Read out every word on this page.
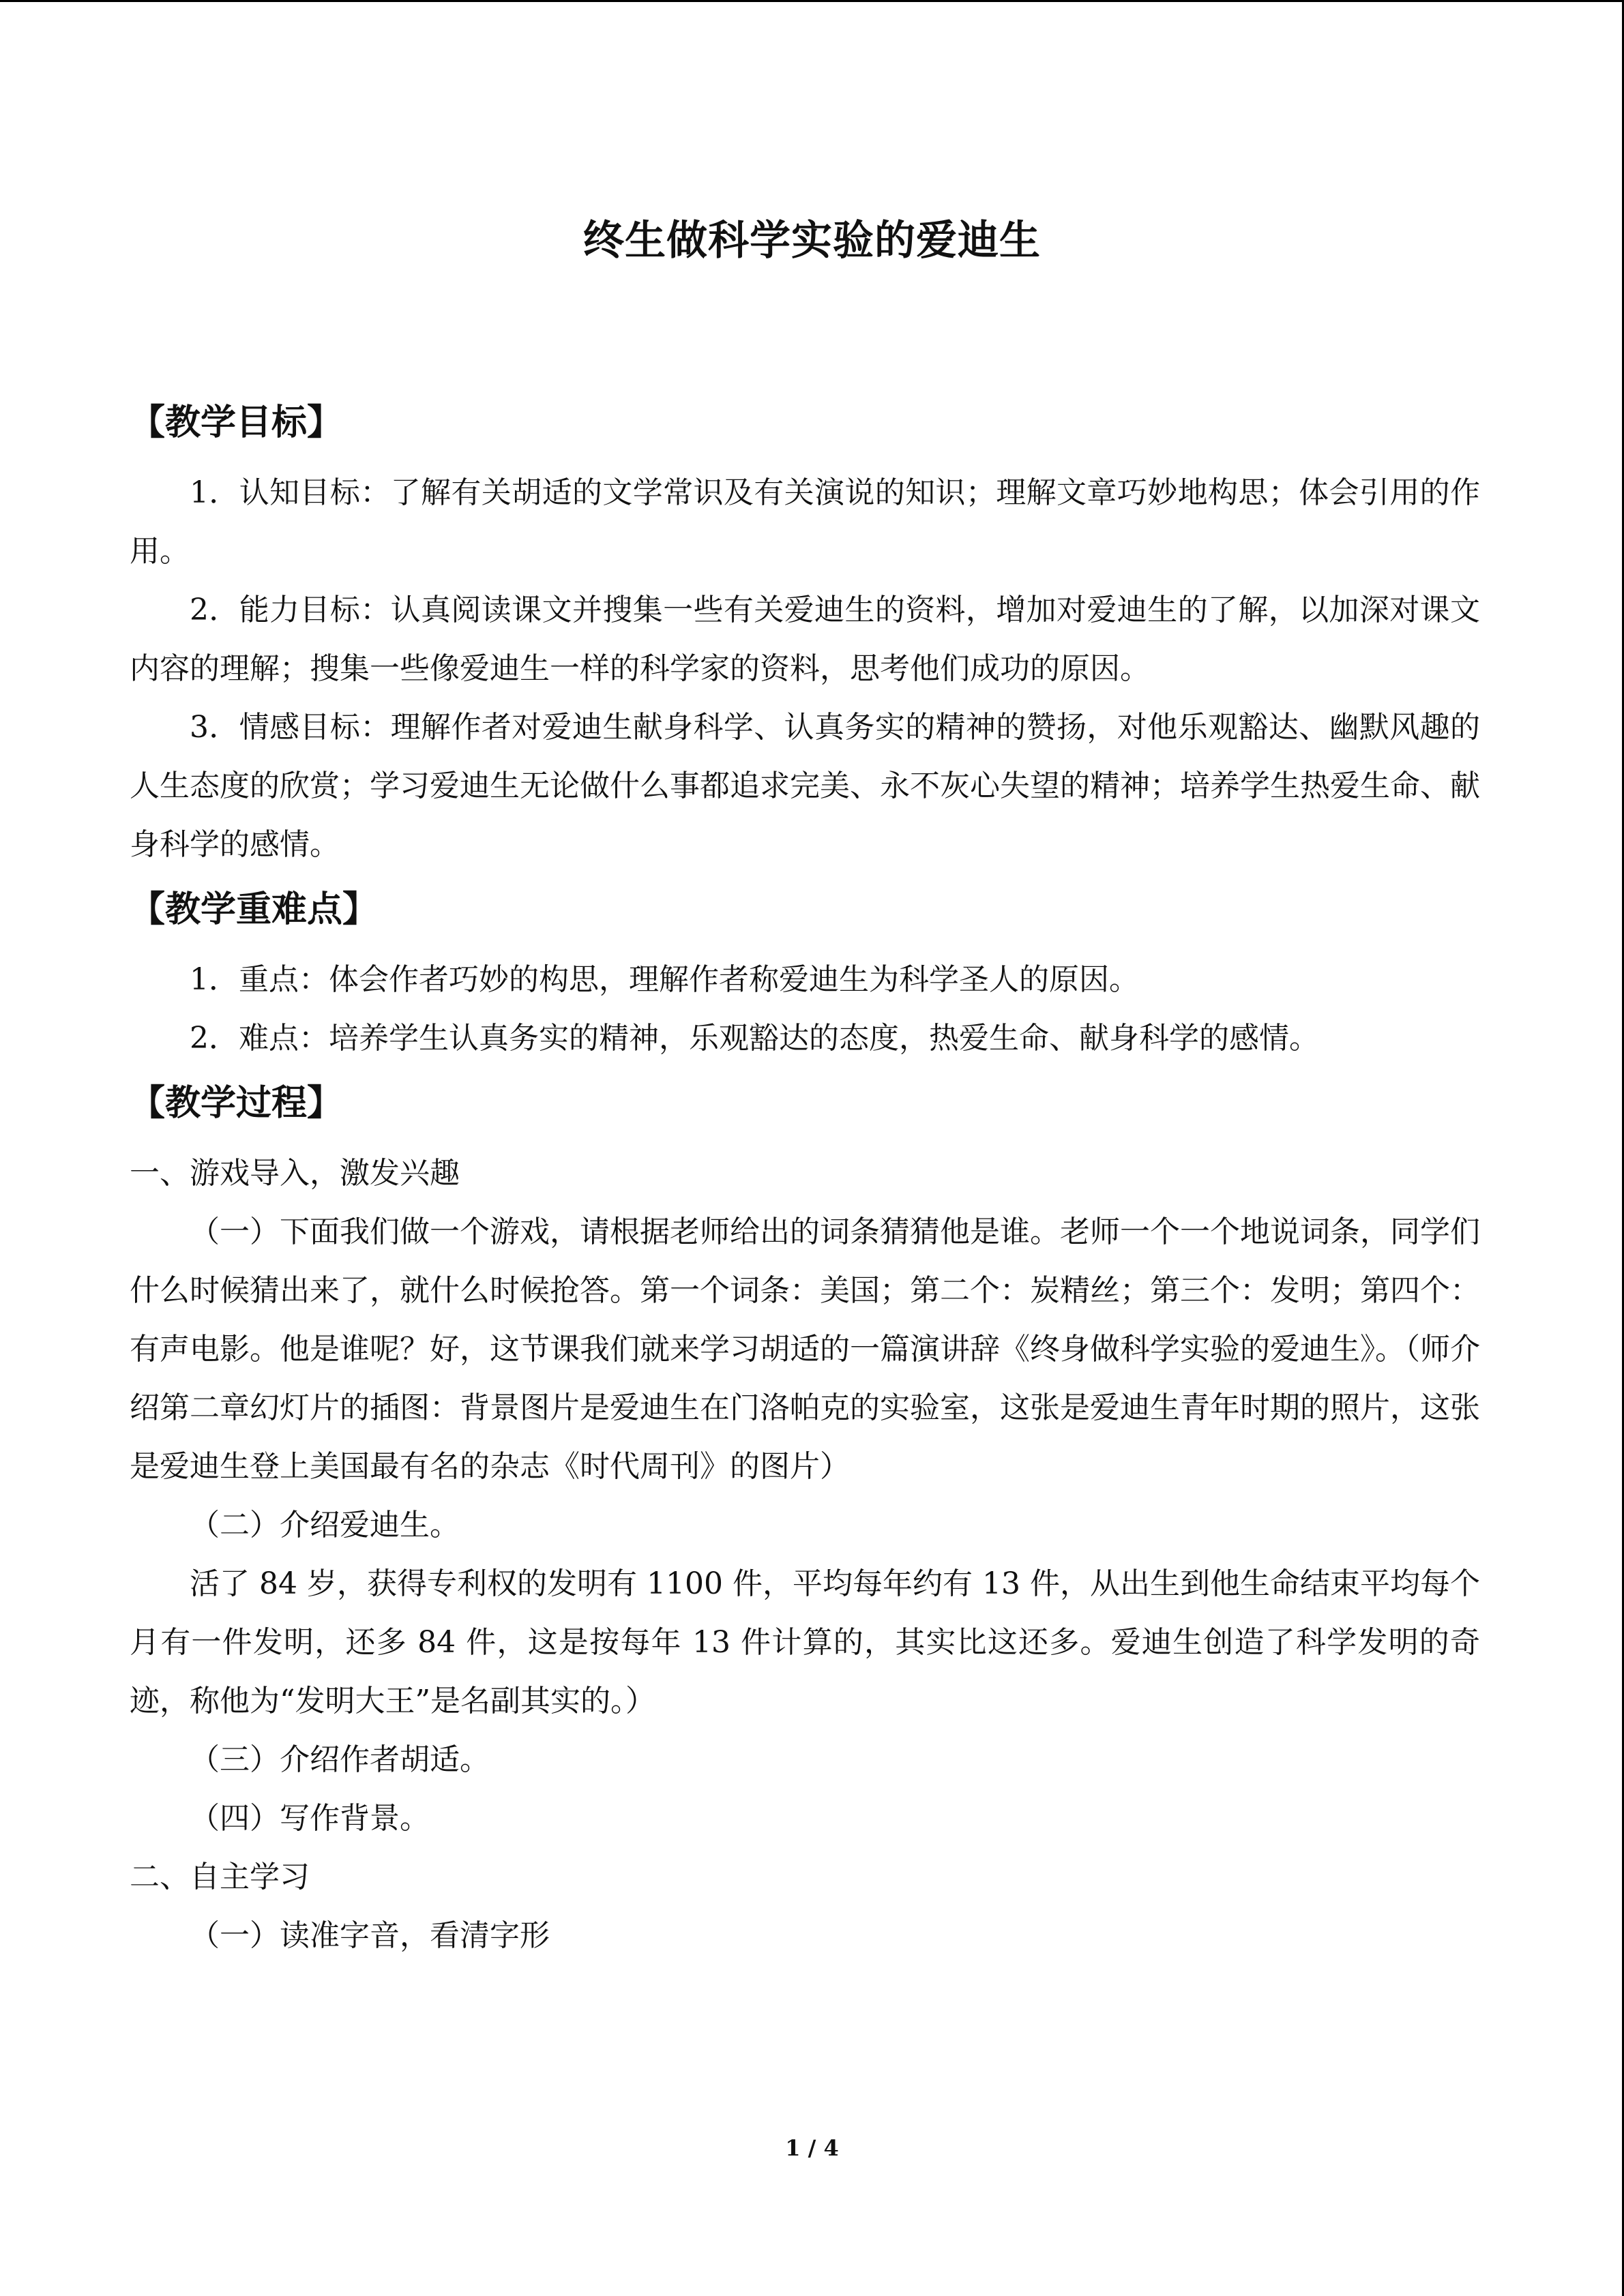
终生做科学实验的爱迪生
【教学目标】

1．认知目标：了解有关胡适的文学常识及有关演说的知识；理解文章巧妙地构思；体会引用的作用。

2．能力目标：认真阅读课文并搜集一些有关爱迪生的资料，增加对爱迪生的了解，以加深对课文内容的理解；搜集一些像爱迪生一样的科学家的资料，思考他们成功的原因。

3．情感目标：理解作者对爱迪生献身科学、认真务实的精神的赞扬，对他乐观豁达、幽默风趣的人生态度的欣赏；学习爱迪生无论做什么事都追求完美、永不灰心失望的精神；培养学生热爱生命、献身科学的感情。

【教学重难点】

1．重点：体会作者巧妙的构思，理解作者称爱迪生为科学圣人的原因。

2．难点：培养学生认真务实的精神，乐观豁达的态度，热爱生命、献身科学的感情。

【教学过程】

一、游戏导入，激发兴趣

（一）下面我们做一个游戏，请根据老师给出的词条猜猜他是谁。老师一个一个地说词条，同学们什么时候猜出来了，就什么时候抢答。第一个词条：美国；第二个：炭精丝；第三个：发明；第四个：有声电影。他是谁呢？好，这节课我们就来学习胡适的一篇演讲辞《终身做科学实验的爱迪生》。（师介绍第二章幻灯片的插图：背景图片是爱迪生在门洛帕克的实验室，这张是爱迪生青年时期的照片，这张是爱迪生登上美国最有名的杂志《时代周刊》的图片）

（二）介绍爱迪生。

活了 84 岁，获得专利权的发明有 1100 件，平均每年约有 13 件，从出生到他生命结束平均每个月有一件发明，还多 84 件，这是按每年 13 件计算的，其实比这还多。爱迪生创造了科学发明的奇迹，称他为“发明大王”是名副其实的。）

（三）介绍作者胡适。

（四）写作背景。

二、自主学习

（一）读准字音，看清字形

1 / 4
